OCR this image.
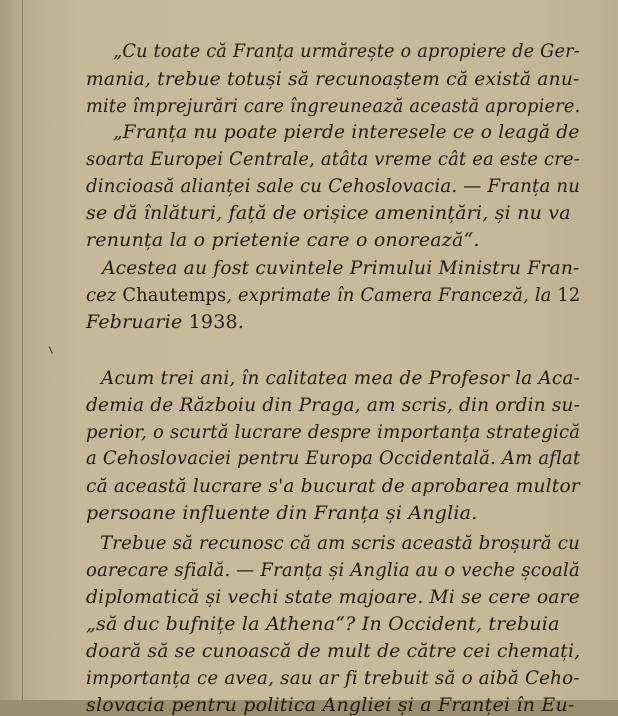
„Cu toate că Franța urmărește o apropiere de Ger-
mania, trebue totuși să recunoaștem că există anu-
mite împrejurări care îngreunează această apropiere.
„Franța nu poate pierde interesele ce o leagă de
soarta Europei Centrale, atâta vreme cât ea este cre-
dincioasă alianței sale cu Cehoslovacia. — Franța nu
se dă înlături, față de orișice amenințări, și nu va
renunța la o prietenie care o onorează“.
Acestea au fost cuvintele Primului Ministru Fran-
cez Chautemps, exprimate în Camera Franceză, la 12
Februarie 1938.
Acum trei ani, în calitatea mea de Profesor la Aca-
demia de Războiu din Praga, am scris, din ordin su-
perior, o scurtă lucrare despre importanța strategică
a Cehoslovaciei pentru Europa Occidentală. Am aflat
că această lucrare s'a bucurat de aprobarea multor
persoane influente din Franța și Anglia.
Trebue să recunosc că am scris această broșură cu
oarecare sfială. — Franța și Anglia au o veche școală
diplomatică și vechi state majoare. Mi se cere oare
„să duc bufnițe la Athena“? In Occident, trebuia
doară să se cunoască de mult de către cei chemați,
importanța ce avea, sau ar fi trebuit să o aibă Ceho-
slovacia pentru politica Angliei și a Franței în Eu-
